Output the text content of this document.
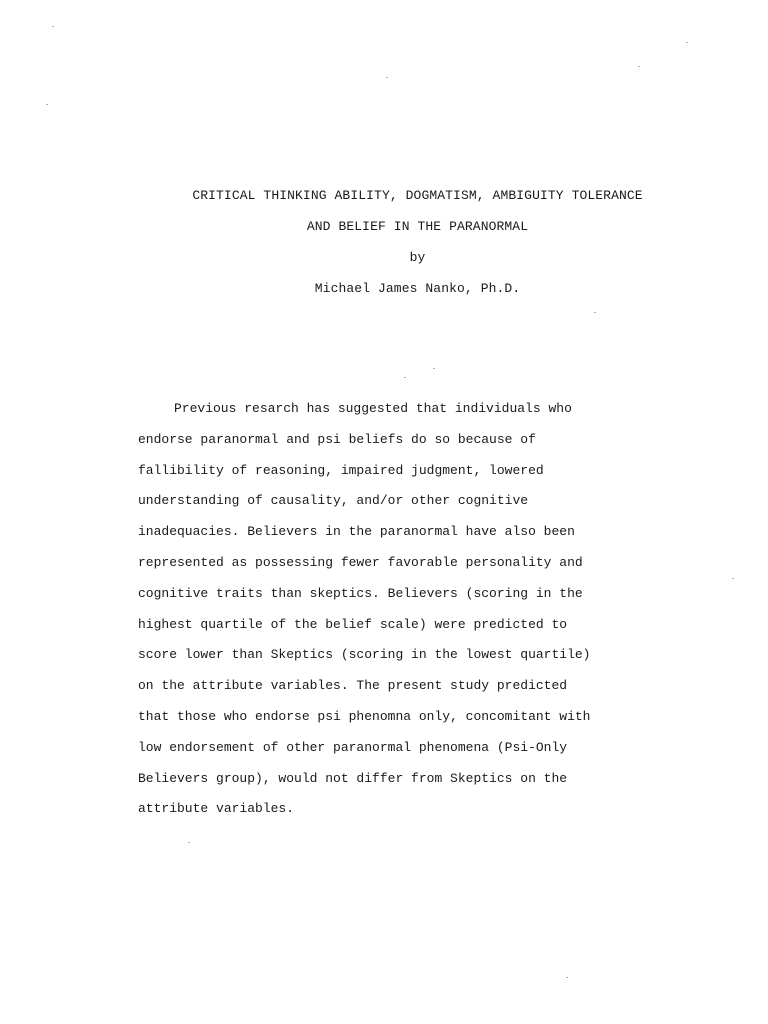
CRITICAL THINKING ABILITY, DOGMATISM, AMBIGUITY TOLERANCE
AND BELIEF IN THE PARANORMAL
by
Michael James Nanko, Ph.D.
Previous resarch has suggested that individuals who
endorse paranormal and psi beliefs do so because of
fallibility of reasoning, impaired judgment, lowered
understanding of causality, and/or other cognitive
inadequacies. Believers in the paranormal have also been
represented as possessing fewer favorable personality and
cognitive traits than skeptics. Believers (scoring in the
highest quartile of the belief scale) were predicted to
score lower than Skeptics (scoring in the lowest quartile)
on the attribute variables. The present study predicted
that those who endorse psi phenomna only, concomitant with
low endorsement of other paranormal phenomena (Psi-Only
Believers group), would not differ from Skeptics on the
attribute variables.
